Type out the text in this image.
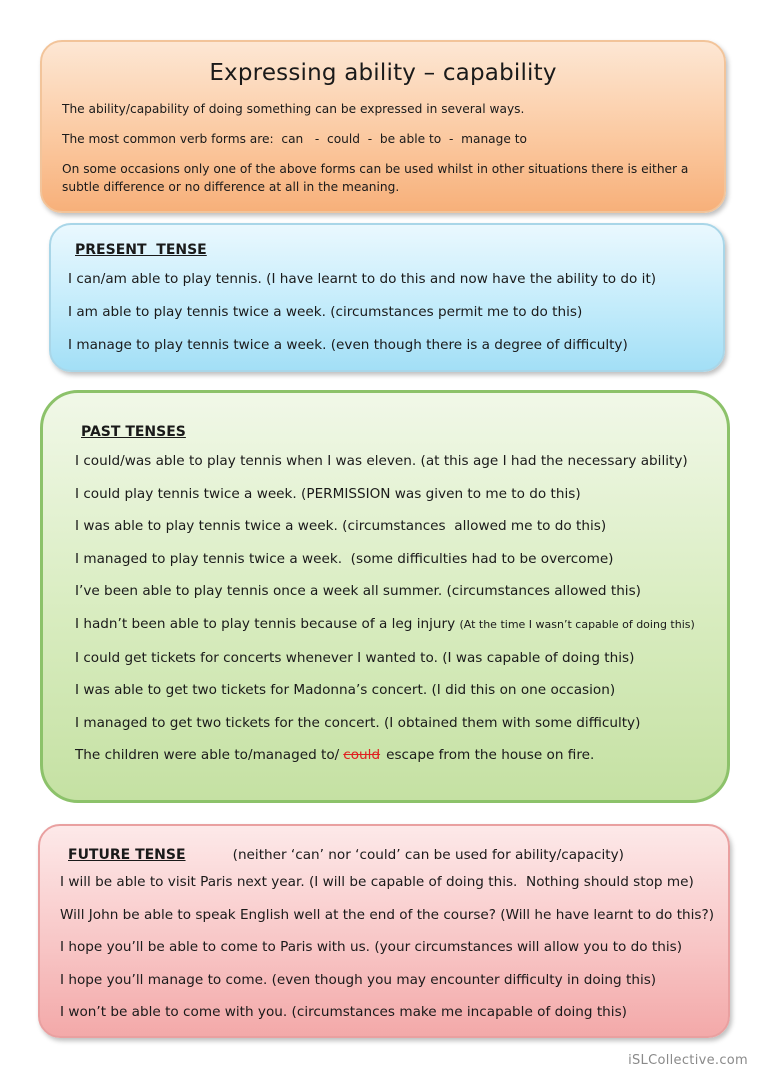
Expressing ability – capability

The ability/capability of doing something can be expressed in several ways.

The most common verb forms are:  can   -  could  -  be able to  -  manage to

On some occasions only one of the above forms can be used whilst in other situations there is either a subtle difference or no difference at all in the meaning.

PRESENT  TENSE
I can/am able to play tennis. (I have learnt to do this and now have the ability to do it)
I am able to play tennis twice a week. (circumstances permit me to do this)
I manage to play tennis twice a week. (even though there is a degree of difficulty)
PAST TENSES
I could/was able to play tennis when I was eleven. (at this age I had the necessary ability)
I could play tennis twice a week. (PERMISSION was given to me to do this)
I was able to play tennis twice a week. (circumstances  allowed me to do this)
I managed to play tennis twice a week.  (some difficulties had to be overcome)
I’ve been able to play tennis once a week all summer. (circumstances allowed this)
I hadn’t been able to play tennis because of a leg injury (At the time I wasn’t capable of doing this)
I could get tickets for concerts whenever I wanted to. (I was capable of doing this)
I was able to get two tickets for Madonna’s concert. (I did this on one occasion)
I managed to get two tickets for the concert. (I obtained them with some difficulty)
The children were able to/managed to/ could escape from the house on fire.
FUTURE TENSE	(neither ‘can’ nor ‘could’ can be used for ability/capacity)
I will be able to visit Paris next year. (I will be capable of doing this.  Nothing should stop me)
Will John be able to speak English well at the end of the course? (Will he have learnt to do this?)
I hope you’ll be able to come to Paris with us. (your circumstances will allow you to do this)
I hope you’ll manage to come. (even though you may encounter difficulty in doing this)
I won’t be able to come with you. (circumstances make me incapable of doing this)
iSLCollective.com
